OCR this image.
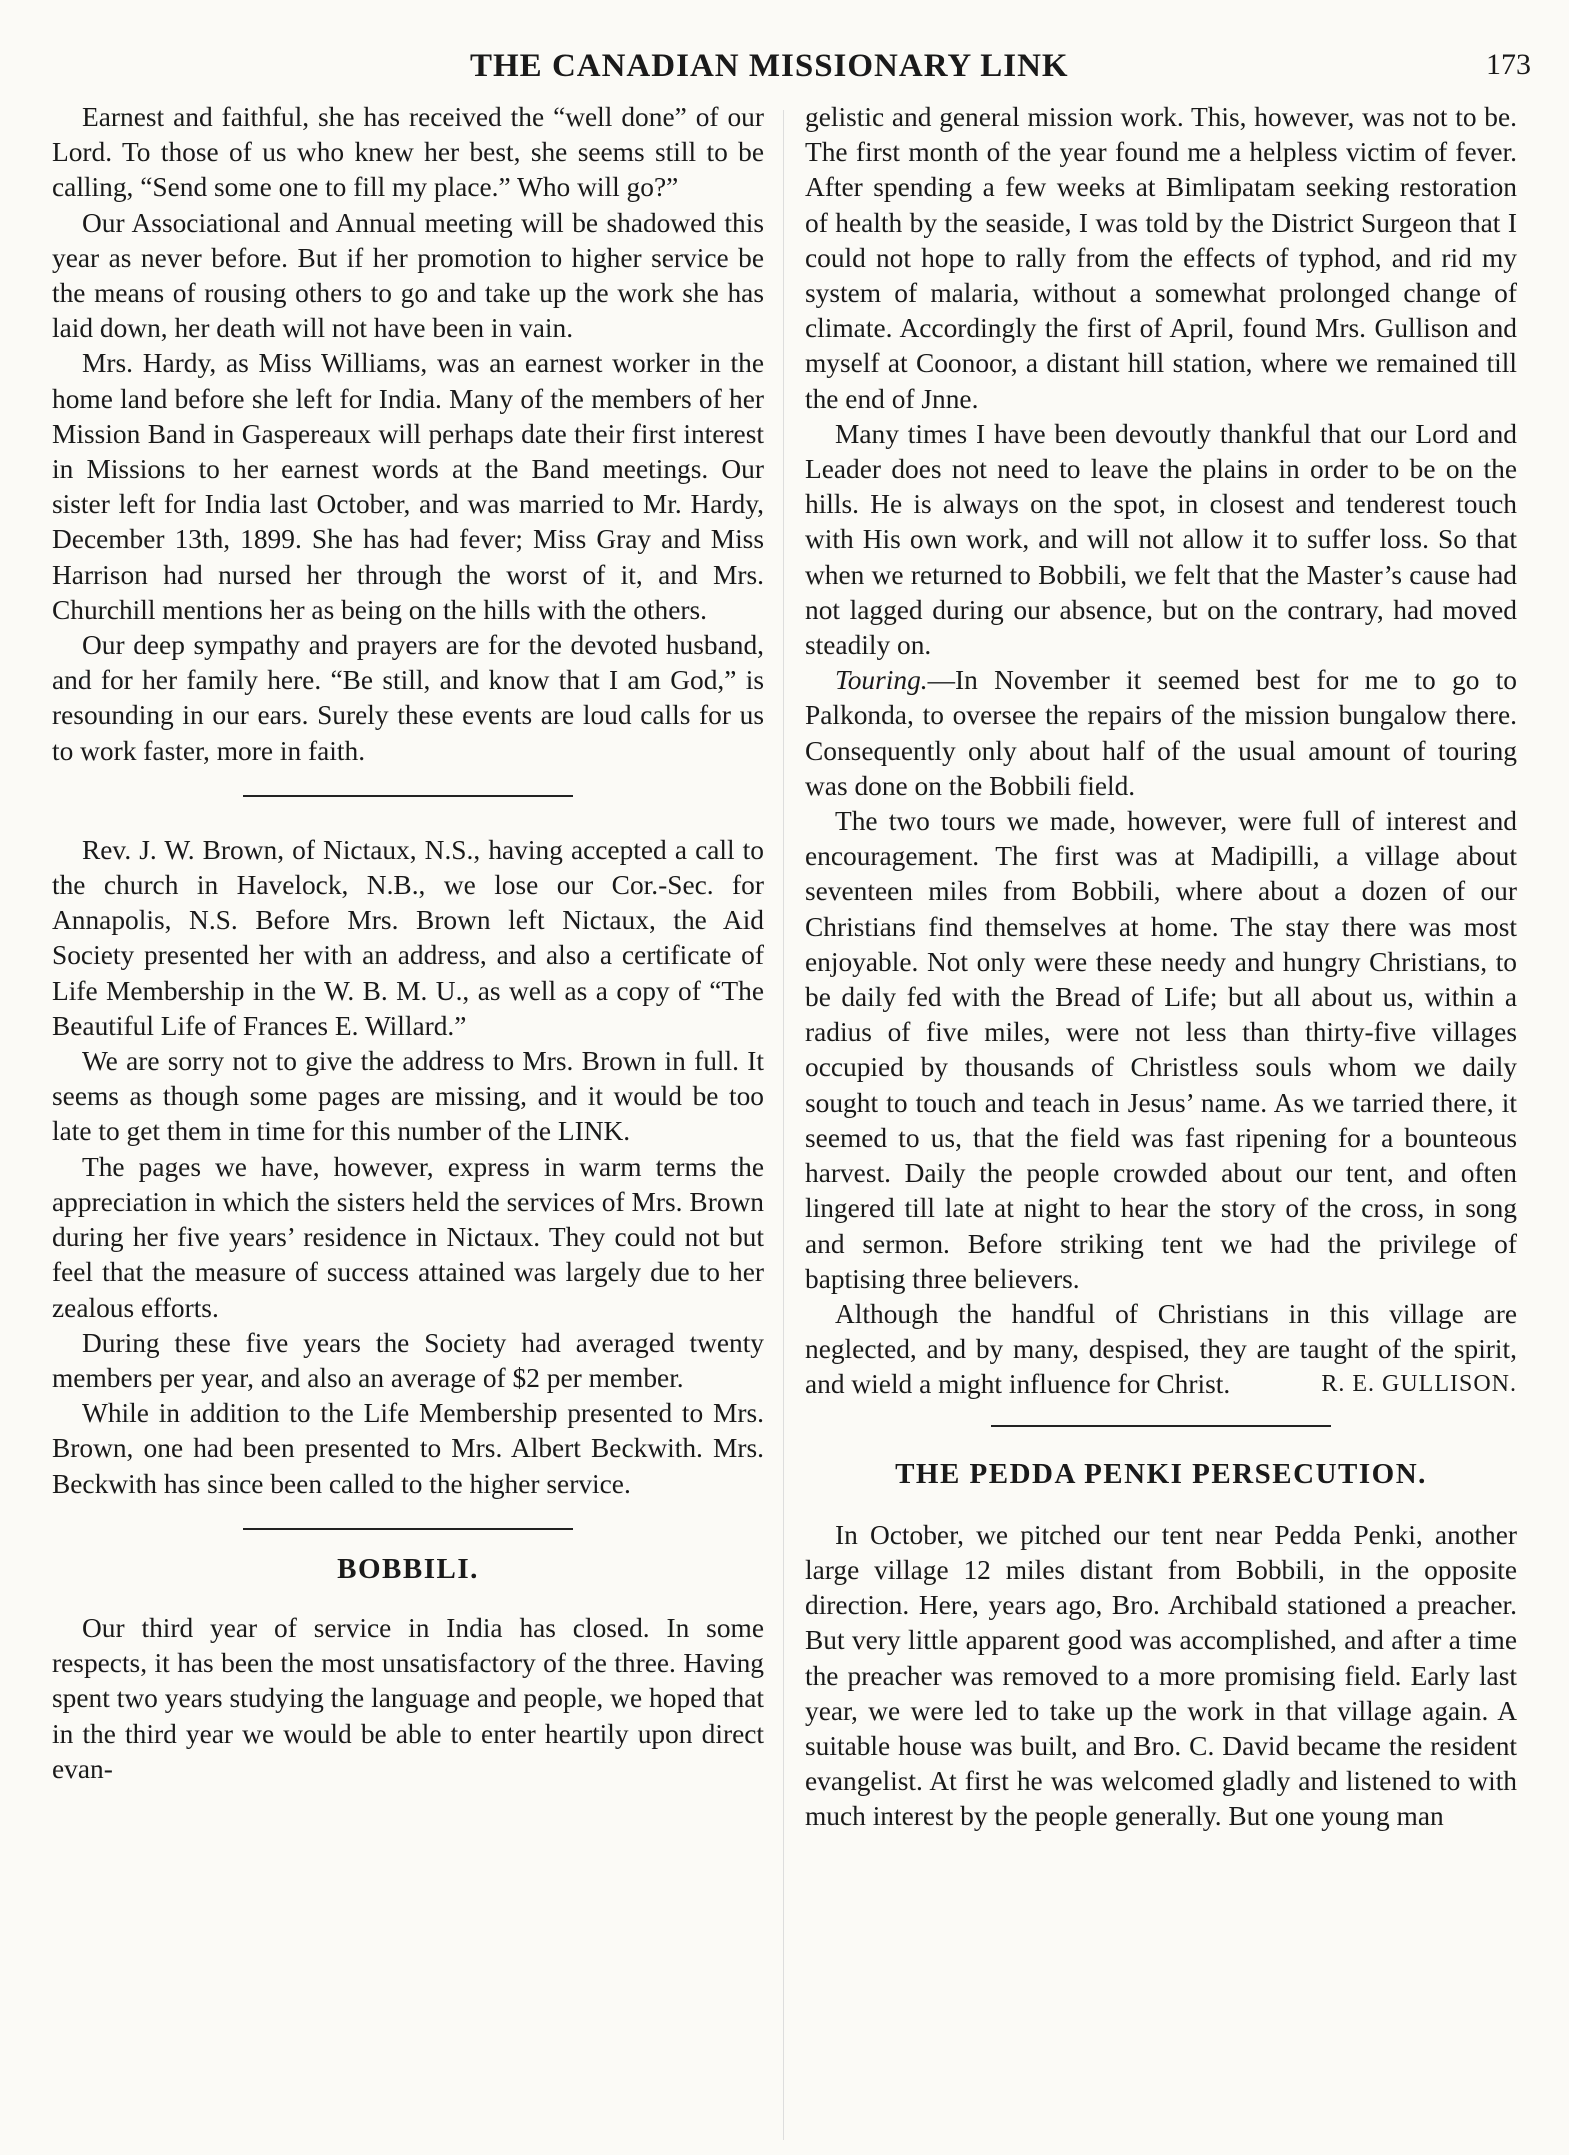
THE CANADIAN MISSIONARY LINK	173

Earnest and faithful, she has received the “well done” of our Lord. To those of us who knew her best, she seems still to be calling, “Send some one to fill my place.” Who will go?”

Our Associational and Annual meeting will be shadowed this year as never before. But if her promotion to higher service be the means of rousing others to go and take up the work she has laid down, her death will not have been in vain.

Mrs. Hardy, as Miss Williams, was an earnest worker in the home land before she left for India. Many of the members of her Mission Band in Gaspereaux will perhaps date their first interest in Missions to her earnest words at the Band meetings. Our sister left for India last October, and was married to Mr. Hardy, December 13th, 1899. She has had fever; Miss Gray and Miss Harrison had nursed her through the worst of it, and Mrs. Churchill mentions her as being on the hills with the others.

Our deep sympathy and prayers are for the devoted husband, and for her family here. “Be still, and know that I am God,” is resounding in our ears. Surely these events are loud calls for us to work faster, more in faith.

Rev. J. W. Brown, of Nictaux, N.S., having accepted a call to the church in Havelock, N.B., we lose our Cor.-Sec. for Annapolis, N.S. Before Mrs. Brown left Nictaux, the Aid Society presented her with an address, and also a certificate of Life Membership in the W. B. M. U., as well as a copy of “The Beautiful Life of Frances E. Willard.”

We are sorry not to give the address to Mrs. Brown in full. It seems as though some pages are missing, and it would be too late to get them in time for this number of the LINK.

The pages we have, however, express in warm terms the appreciation in which the sisters held the services of Mrs. Brown during her five years’ residence in Nictaux. They could not but feel that the measure of success attained was largely due to her zealous efforts.

During these five years the Society had averaged twenty members per year, and also an average of $2 per member.

While in addition to the Life Membership presented to Mrs. Brown, one had been presented to Mrs. Albert Beckwith. Mrs. Beckwith has since been called to the higher service.

BOBBILI.

Our third year of service in India has closed. In some respects, it has been the most unsatisfactory of the three. Having spent two years studying the language and people, we hoped that in the third year we would be able to enter heartily upon direct evan-

gelistic and general mission work. This, however, was not to be. The first month of the year found me a helpless victim of fever. After spending a few weeks at Bimlipatam seeking restoration of health by the seaside, I was told by the District Surgeon that I could not hope to rally from the effects of typhod, and rid my system of malaria, without a somewhat prolonged change of climate. Accordingly the first of April, found Mrs. Gullison and myself at Coonoor, a distant hill station, where we remained till the end of Jnne.

Many times I have been devoutly thankful that our Lord and Leader does not need to leave the plains in order to be on the hills. He is always on the spot, in closest and tenderest touch with His own work, and will not allow it to suffer loss. So that when we returned to Bobbili, we felt that the Master’s cause had not lagged during our absence, but on the contrary, had moved steadily on.

Touring.—In November it seemed best for me to go to Palkonda, to oversee the repairs of the mission bungalow there. Consequently only about half of the usual amount of touring was done on the Bobbili field.

The two tours we made, however, were full of interest and encouragement. The first was at Madipilli, a village about seventeen miles from Bobbili, where about a dozen of our Christians find themselves at home. The stay there was most enjoyable. Not only were these needy and hungry Christians, to be daily fed with the Bread of Life; but all about us, within a radius of five miles, were not less than thirty-five villages occupied by thousands of Christless souls whom we daily sought to touch and teach in Jesus’ name. As we tarried there, it seemed to us, that the field was fast ripening for a bounteous harvest. Daily the people crowded about our tent, and often lingered till late at night to hear the story of the cross, in song and sermon. Before striking tent we had the privilege of baptising three believers.

Although the handful of Christians in this village are neglected, and by many, despised, they are taught of the spirit, and wield a might influence for Christ.	R. E. GULLISON.

THE PEDDA PENKI PERSECUTION.

In October, we pitched our tent near Pedda Penki, another large village 12 miles distant from Bobbili, in the opposite direction. Here, years ago, Bro. Archibald stationed a preacher. But very little apparent good was accomplished, and after a time the preacher was removed to a more promising field. Early last year, we were led to take up the work in that village again. A suitable house was built, and Bro. C. David became the resident evangelist. At first he was welcomed gladly and listened to with much interest by the people generally. But one young man
